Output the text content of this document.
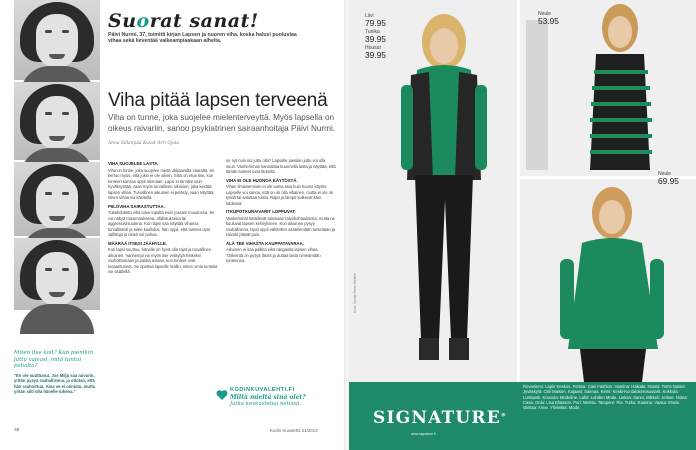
Suorat sanat!
Päivi Nurmi, 37, toimitti kirjan Lapsen ja nuoren viha, koska halusi puolustaa vihaa sekä lieventää vaikeampiaakaan aiheita.
Viha pitää lapsen terveenä
Viha on tunne, joka suojelee mielenterveyttä. Myös lapsella on oikeus raivariin, sanoo psykiatrinen sairaanhoitaja Päivi Nurmi.
Anna Sillanpää Kuvat Arri Ojala
VIHA SUOJELEE LASTA.

Viha on tunne, joka suojelee meitä uhkaavalta vaaralta. Se kertoo myös, että jokin ei ole oikein. Siitä on etua itse, kun tunteen kanssa oppii olemaan. Lapsi ei tarvitse vain hyväksyntää, vaan myös turvallisen aikuisen, joka kestää lapsen vihaa. Turvallinen aikuinen ei pelästy, vaan näyttää, miten vihaa voi käsitellä.

PIILOVIHA SAIRASTUTTAA.

Tukahdutettu viha tulee lopulta esiin jossain muodossa. Se voi näkyä masennuksena, ahdistuksena tai aggressiivisuutena. Kun lapsi saa näyttää vihansa turvallisesti ja tulee kuulluksi, hän oppii, että tunteet ovat sallittuja ja niistä voi puhua.

MÄÄRÄÄ ITSESI JÄÄHYLLE.

Kun lapsi suuttuu, hänelle on hyvä olla rajat ja turvallinen aikuinen. Vanhempi voi myös itse vetäytyä hetkeksi rauhoittumaan ja palata asiaan, kun tunteet ovat tasaantuneet. Se opettaa lapselle mallin, miten omia tunteita voi säädellä.

ne nyt noin iso juttu olla? Lapselle pienikin juttu voi olla suuri. Vanhemman kannattaa kuunnella lasta ja näyttää, että tämän tunteet ovat tärkeitä.

VIHA EI OLE HUONOA KÄYTÖSTÄ.

Vihan ilmaiseminen ei ole sama asia kuin huono käytös. Lapselle voi sanoa, että on ok olla vihainen, mutta ei ole ok lyödä tai satuttaa toista. Rajat ja lämpö kulkevat käsi kädessä.

ITKUPOTKURAIVARIT LOPPUVAT.

Vanhemmat hätäilevät toisinaan raivokohtauksista, mutta ne kuuluvat lapsen kehitykseen. Kun aikuinen pysyy rauhallisena, lapsi oppii vähitellen säätelemään tunteitaan ja raivarit jäävät pois.

ÄLÄ TEE VIHASTA KAUPPATAVARAA.

Aikuinen ei saa palkita eikä rangaista lapsen vihaa. Tärkeintä on pysyä läsnä ja auttaa lasta nimeämään tunteensa.

Miten itse koit? Kun pienikin juttu vaivasi, mitä tuntui pahalta?
"En ole suuttunut. Jos Miljä saa raivarin, yritän pysyä rauhallisena, ja odotan, että hän rauhoittuu. Aina se ei onnistu, mutta yritän silti olla hänelle tukena."	KODINKUVALEHTI.FI
Miltä mieltä sinä olet?
Jatka keskustelua netissä.
38	Kodin Kuvalehti 21/2013
Liivi
79.95
Tunika
39.95
Housut
39.95
Neule
53.95
Neule
69.95
SIGNATURE®
www.signature.fi
Rovaniemi: Lapin Keskus. Forssa: Casi Fashion. Hamina: Haikala. Imatra: Toms Naiset. Jyväskylä: Cité Maison. Kajaani: Saimaa. Kemi: Keski-Kuntalokerosuutarit. Kokkola: Lumiaatri. Kouvola: Modeline. Lahti: Lahden Mode. Lieksa: Sanni. Mikkeli: Jeitner. Nokia: Casa. Oulu: Lisa Eliasson. Pori: Merisa. Tampere: Pia. Turku: Kaarina. Vaasa: Moda. Vantaa: Anne. Ylivieska: Mode.
Kuva: Sanna-Reeta Meilahti
